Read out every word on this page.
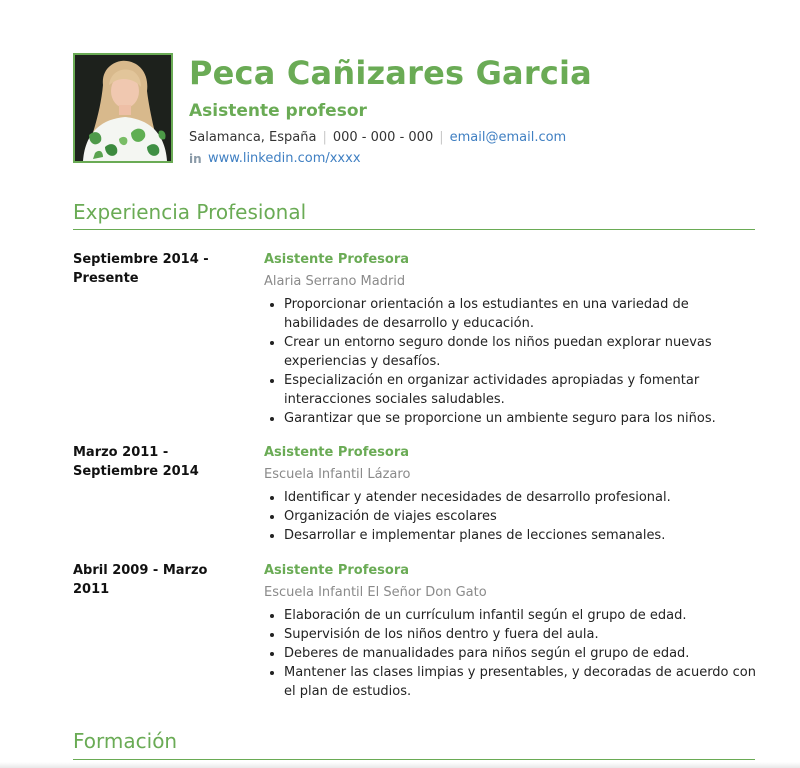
Peca Cañizares Garcia
Asistente profesor
Salamanca, España | 000 - 000 - 000 | email@email.com
in www.linkedin.com/xxxx
Experiencia Profesional
Septiembre 2014 - Presente
Asistente Profesora
Alaria Serrano Madrid
• Proporcionar orientación a los estudiantes en una variedad de habilidades de desarrollo y educación.
• Crear un entorno seguro donde los niños puedan explorar nuevas experiencias y desafíos.
• Especialización en organizar actividades apropiadas y fomentar interacciones sociales saludables.
• Garantizar que se proporcione un ambiente seguro para los niños.
Marzo 2011 - Septiembre 2014
Asistente Profesora
Escuela Infantil Lázaro
• Identificar y atender necesidades de desarrollo profesional.
• Organización de viajes escolares
• Desarrollar e implementar planes de lecciones semanales.
Abril 2009 - Marzo 2011
Asistente Profesora
Escuela Infantil El Señor Don Gato
• Elaboración de un currículum infantil según el grupo de edad.
• Supervisión de los niños dentro y fuera del aula.
• Deberes de manualidades para niños según el grupo de edad.
• Mantener las clases limpias y presentables, y decoradas de acuerdo con el plan de estudios.
Formación
